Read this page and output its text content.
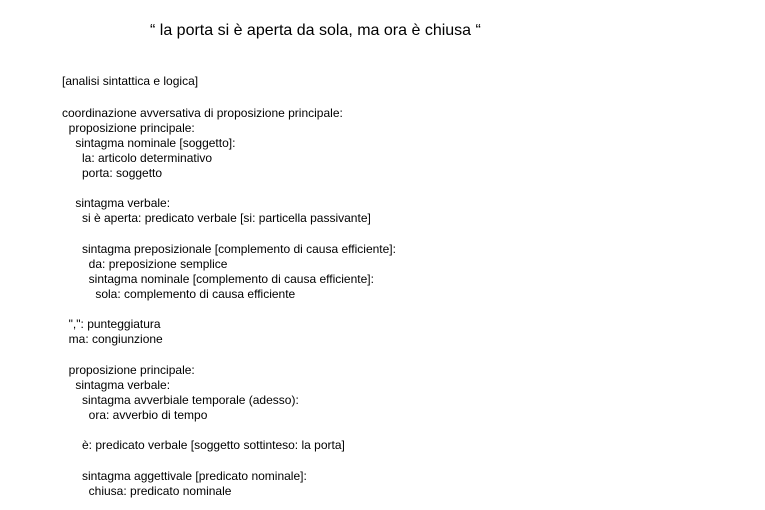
“ la porta si è aperta da sola, ma ora è chiusa “
[analisi sintattica e logica]
coordinazione avversativa di proposizione principale:
proposizione principale:
sintagma nominale [soggetto]:
la: articolo determinativo
porta: soggetto
sintagma verbale:
si è aperta: predicato verbale [si: particella passivante]
sintagma preposizionale [complemento di causa efficiente]:
da: preposizione semplice
sintagma nominale [complemento di causa efficiente]:
sola: complemento di causa efficiente
",": punteggiatura
ma: congiunzione
proposizione principale:
sintagma verbale:
sintagma avverbiale temporale (adesso):
ora: avverbio di tempo
è: predicato verbale [soggetto sottinteso: la porta]
sintagma aggettivale [predicato nominale]:
chiusa: predicato nominale
